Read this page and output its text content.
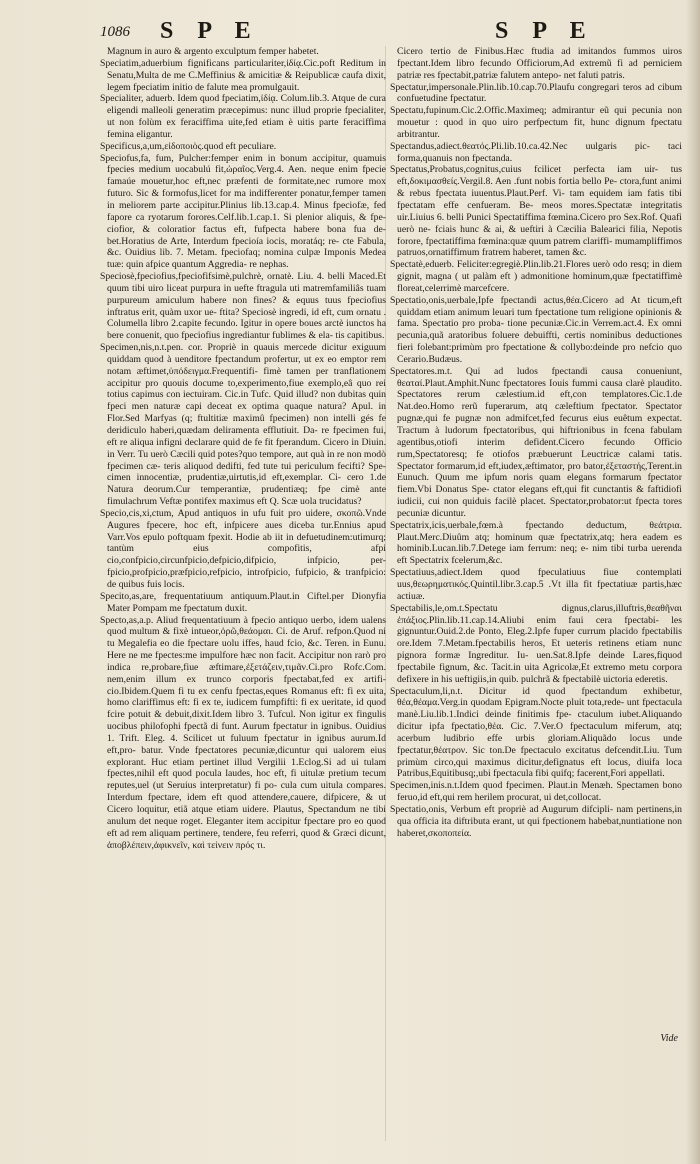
1086 S P E	S P E

Magnum in auro & argento exculptum femper habetet.

Speciatim,aduerbium fignificans particulariter,ἰδίᾳ.Cic.poft Reditum in Senatu,Multa de me C.Meffinius & amicitiæ & Reipublicæ caufa dixit, legem fpeciatim initio de falute mea promulgauit.

Specialiter, aduerb. Idem quod fpeciatim,ἰδίᾳ. Colum.lib.3. Atque de cura eligendi malleoli generatim præcepimus: nunc illud proprie fpecialiter, ut non folùm ex feraciffima uite,fed etiam è uitis parte feraciffima femina eligantur.

Specificus,a,um,εἰδοποιὸς.quod eft peculiare.

Speciofus,fa, fum, Pulcher:femper enim in bonum accipitur, quamuis fpecies medium uocabulú fit,ὡραῖος.Verg.4. Aen. neque enim fpecie famaúe mouetur,hoc eft,nec præfenti de formitate,nec rumore mox futuro. Sic & formofus,licet for ma indifferenter ponatur,femper tamen in meliorem parte accipitur.Plinius lib.13.cap.4. Minus fpeciofæ, fed fapore ca ryotarum forores.Celf.lib.1.cap.1. Si plenior aliquis, & fpe- ciofior, & coloratior factus eft, fufpecta habere bona fua de- bet.Horatius de Arte, Interdum fpecioía iocis, moratáq; re- cte Fabula, &c. Ouidius lib. 7. Metam. fpeciofaq; nomina culpæ Imponis Medea tuæ: quin afpice quantum Aggredia- re nephas.

Speciosè,fpeciofius,fpeciofifsimè,pulchrè, ornatè. Liu. 4. belli Maced.Et quum tibi uiro liceat purpura in uefte ftragula uti matremfamiliâs tuam purpureum amiculum habere non fines? & equus tuus fpeciofius inftratus erit, quàm uxor ue- ftita? Speciosè ingredi, id eft, cum ornatu . Columella libro 2.capite fecundo. Igitur in opere boues arctè iunctos ha bere conuenit, quo fpeciofius ingrediantur fublimes & ela- tis capitibus.

Specimen,nis,n.t.pen. cor. Propriè in quauis mercede dicitur exiguum quiddam quod à uenditore fpectandum profertur, ut ex eo emptor rem notam æftimet,ὑπόδειγμα.Frequentifi- fimè tamen per tranflationem accipitur pro quouis docume to,experimento,fiue exemplo,eâ quo rei totius capimus con iectuiram. Cic.in Tufc. Quid illud? non dubitas quin fpeci men naturæ capi deceat ex optima quaque natura? Apul. in Flor.Sed Marfyas (q; ftultitiæ maximû fpecimen) non intelli gés fe deridiculo haberi,quædam deliramenta efflutiuit. Da- re fpecimen fui, eft re aliqua infigni declarare quid de fe fit fperandum. Cicero in Diuin. in Verr. Tu uerò Cæcili quid potes?quo tempore, aut quà in re non modò fpecimen cæ- teris aliquod dedifti, fed tute tui periculum fecifti? Spe- cimen innocentiæ, prudentiæ,uirtutis,id eft,exemplar. Ci- cero 1.de Natura deorum.Cur temperantiæ, prudentiæq; fpe cimè ante fimulachrum Veftæ pontifex maximus eft Q. Scæ uola trucidatus?

Specio,cis,xi,ctum, Apud antiquos in ufu fuit pro uidere, σκοπῶ.Vnde Augures fpecere, hoc eft, infpicere aues diceba tur.Ennius apud Varr.Vos epulo poftquam fpexit. Hodie ab iit in defuetudinem:utimurq; tantùm eius compofitis, afpi cio,confpicio,circunfpicio,defpicio,difpicio, infpicio, per- fpicio,profpicio,præfpicio,refpicio, introfpicio, fufpicio, & tranfpicio: de quibus fuis locis.

Specito,as,are, frequentatiuum antiquum.Plaut.in Ciftel.per Dionyfia Mater Pompam me fpectatum duxit.

Specto,as,a.p. Aliud frequentatiuum à fpecio antiquo uerbo, idem ualens quod multum & fixè intueor,ὁρῶ,θεάομαι. Ci. de Aruf. refpon.Quod ni tu Megalefia eo die fpectare uolu iffes, haud fcio, &c. Teren. in Eunu. Here ne me fpectes:me impulfore hæc non facit. Accipitur non rarò pro indica re,probare,fiue æftimare,ἐξετάζειν,τιμᾶν.Ci.pro Rofc.Com. nem,enim illum ex trunco corporis fpectabat,fed ex artifi- cio.Ibidem.Quem fi tu ex cenfu fpectas,eques Romanus eft: fi ex uita, homo clariffimus eft: fi ex te, iudicem fumpfifti: fi ex ueritate, id quod fcire potuit & debuit,dixit.Idem libro 3. Tufcul. Non igitur ex fingulis uocibus philofophi fpectã di funt. Aurum fpectatur in ignibus. Ouidius 1. Trift. Eleg. 4. Scilicet ut fuluum fpectatur in ignibus aurum.Id eft,pro- batur. Vnde fpectatores pecuniæ,dicuntur qui ualorem eius explorant. Huc etiam pertinet illud Vergilii 1.Eclog.Si ad ui tulam fpectes,nihil eft quod pocula laudes, hoc eft, fi uitulæ pretium tecum reputes,uel (ut Seruius interpretatur) fi po- cula cum uitula compares. Interdum fpectare, idem eft quod attendere,cauere, difpicere, & ut Cicero loquitur, etiã atque etiam uidere. Plautus, Spectandum ne tibi anulum det neque roget. Eleganter item accipitur fpectare pro eo quod eft ad rem aliquam pertinere, tendere, feu referri, quod & Græci dicunt, ἀποβλέπειν,ἀφικνεῖν, καὶ τείνειν πρός τι.

Cicero tertio de Finibus.Hæc ftudia ad imitandos fummos uiros fpectant.Idem libro fecundo Officiorum,Ad extremũ fi ad perniciem patriæ res fpectabit,patriæ falutem antepo- net faluti patris.

Spectatur,impersonale.Plin.lib.10.cap.70.Plaufu congregari teros ad cibum confuetudine fpectatur.

Spectatu,fupinum.Cic.2.Offic.Maximeq; admirantur eũ qui pecunia non mouetur : quod in quo uiro perfpectum fit, hunc dignum fpectatu arbitrantur.

Spectandus,adiect.θεατός.Pli.lib.10.ca.42.Nec uulgaris pic- taci forma,quanuis non fpectanda.

Spectatus,Probatus,cognitus,cuius fcilicet perfecta iam uir- tus eft,δοκιμασθείς.Vergil.8. Aen .funt nobis fortia bello Pe- ctora,funt animi & rebus fpectata iuuentus.Plaut.Perf. Vi- tam equidem iam fatis tibi fpectatam effe cenfueram. Be- meos mores.Spectatæ integritatis uir.Liuius 6. belli Punici Spectatiffima fœmina.Cicero pro Sex.Rof. Quafi uerò ne- fciais hunc & ai, & ueftiri à Cæcilia Balearici filia, Nepotis forore, fpectatiffima fœmina:quæ quum patrem clariffi- mumampliffimos patruos,ornatiffimum fratrem haberet, tamen &c.

Spectatè,eduerb. Feliciter:egregiè.Plin.lib.21.Flores uerò odo resq; in diem gignit, magna ( ut palàm eft ) admonitione hominum,quæ fpectatiffimè floreat,celerrimè marcefcere.

Spectatio,onis,uerbale,Ipfe fpectandi actus,θέα.Cicero ad At ticum,eft quiddam etiam animum leuari tum fpectatione tum religione opinionis & fama. Spectatio pro proba- tione pecuniæ.Cic.in Verrem.act.4. Ex omni pecunia,quã aratoribus foluere debuiffti, certis nominibus deductiones fieri folebant:primùm pro fpectatione & collybo:deinde pro nefcio quo Cerario.Budæus.

Spectatores.m.t. Qui ad ludos fpectandi causa conueniunt, θεαταί.Plaut.Amphit.Nunc fpectatores Iouis fummi causa clarè plaudito. Spectatores rerum cælestium.id eft,con templatores.Cic.1.de Nat.deo.Homo rerũ fuperarum, atq cæleftium fpectator. Spectator pugnæ,qui fe pugnæ non admifcet,fed fecurus eius euêtum expectat. Tractum à ludorum fpectatoribus, qui hiftrionibus in fcena fabulam agentibus,otiofi interim defident.Cicero fecundo Officio rum,Spectatoresq; fe otiofos præbuerunt Leuctricæ calami tatis. Spectator formarum,id eft,iudex,æftimator, pro bator,ἐξεταστής,Terent.in Eunuch. Quum me ipfum noris quam elegans formarum fpectator fiem.Vbi Donatus Spe- ctator elegans eft,qui fit cunctantis & faftidiofi iudicii, cui non quiduis facilè placet. Spectator,probator:ut fpecta tores pecuniæ dicuntur.

Spectatrix,icis,uerbale,fœm.à fpectando deductum, θεάτρια. Plaut.Merc.Diuûm atq; hominum quæ fpectatrix,atq; hera eadem es hominib.Lucan.lib.7.Detege iam ferrum: neq; e- nim tibi turba uerenda eft Spectatrix fcelerum,&c.

Spectatiuus,adiect.Idem quod fpeculatiuus fiue contemplati uus,θεωρηματικός.Quintil.libr.3.cap.5 .Vt illa fit fpectatiuæ partis,hæc actiuæ.

Spectabilis,le,om.t.Spectatu dignus,clarus,illuftris,θεαθῆναι ἐπάξιος.Plin.lib.11.cap.14.Aliubi enim faui cera fpectabi- les gignuntur.Ouid.2.de Ponto, Eleg.2.Ipfe fuper currum placido fpectabilis ore.Idem 7.Metam.fpectabilis heros, Et ueteris retinens etiam nunc pignora formæ Ingreditur. Iu- uen.Sat.8.Ipfe deinde Lares,fiquod fpectabile fignum, &c. Tacit.in uita Agricolæ,Et extremo metu corpora defixere in his ueftigiis,in quib. pulchrã & fpectabilè uictoria ederetis.

Spectaculum,li,n.t. Dicitur id quod fpectandum exhibetur, θέα,θέαμα.Verg.in quodam Epigram.Nocte pluit tota,rede- unt fpectacula manè.Liu.lib.1.Indici deinde finitimis fpe- ctaculum iubet.Aliquando dicitur ipfa fpectatio,θέα. Cic. 7.Ver.O fpectaculum miferum, atq; acerbum ludibrio effe urbis gloriam.Aliquãdo locus unde fpectatur,θέατρον. Sic ton.De fpectaculo excitatus defcendit.Liu. Tum primùm circo,qui maximus dicitur,defignatus eft locus, diuifa loca Patribus,Equitibusq;,ubi fpectacula fibi quifq; facerent,Fori appellati.

Specimen,inis.n.t.Idem quod fpecimen. Plaut.in Menæh. Spectamen bono feruo,id eft,qui rem herilem procurat, ui det,collocat.

Spectatio,onis, Verbum eft propriè ad Augurum difcipli- nam pertinens,in qua officia ita diftributa erant, ut qui fpectionem habebat,nuntiatione non haberet,σκοποπεία.

Vide
